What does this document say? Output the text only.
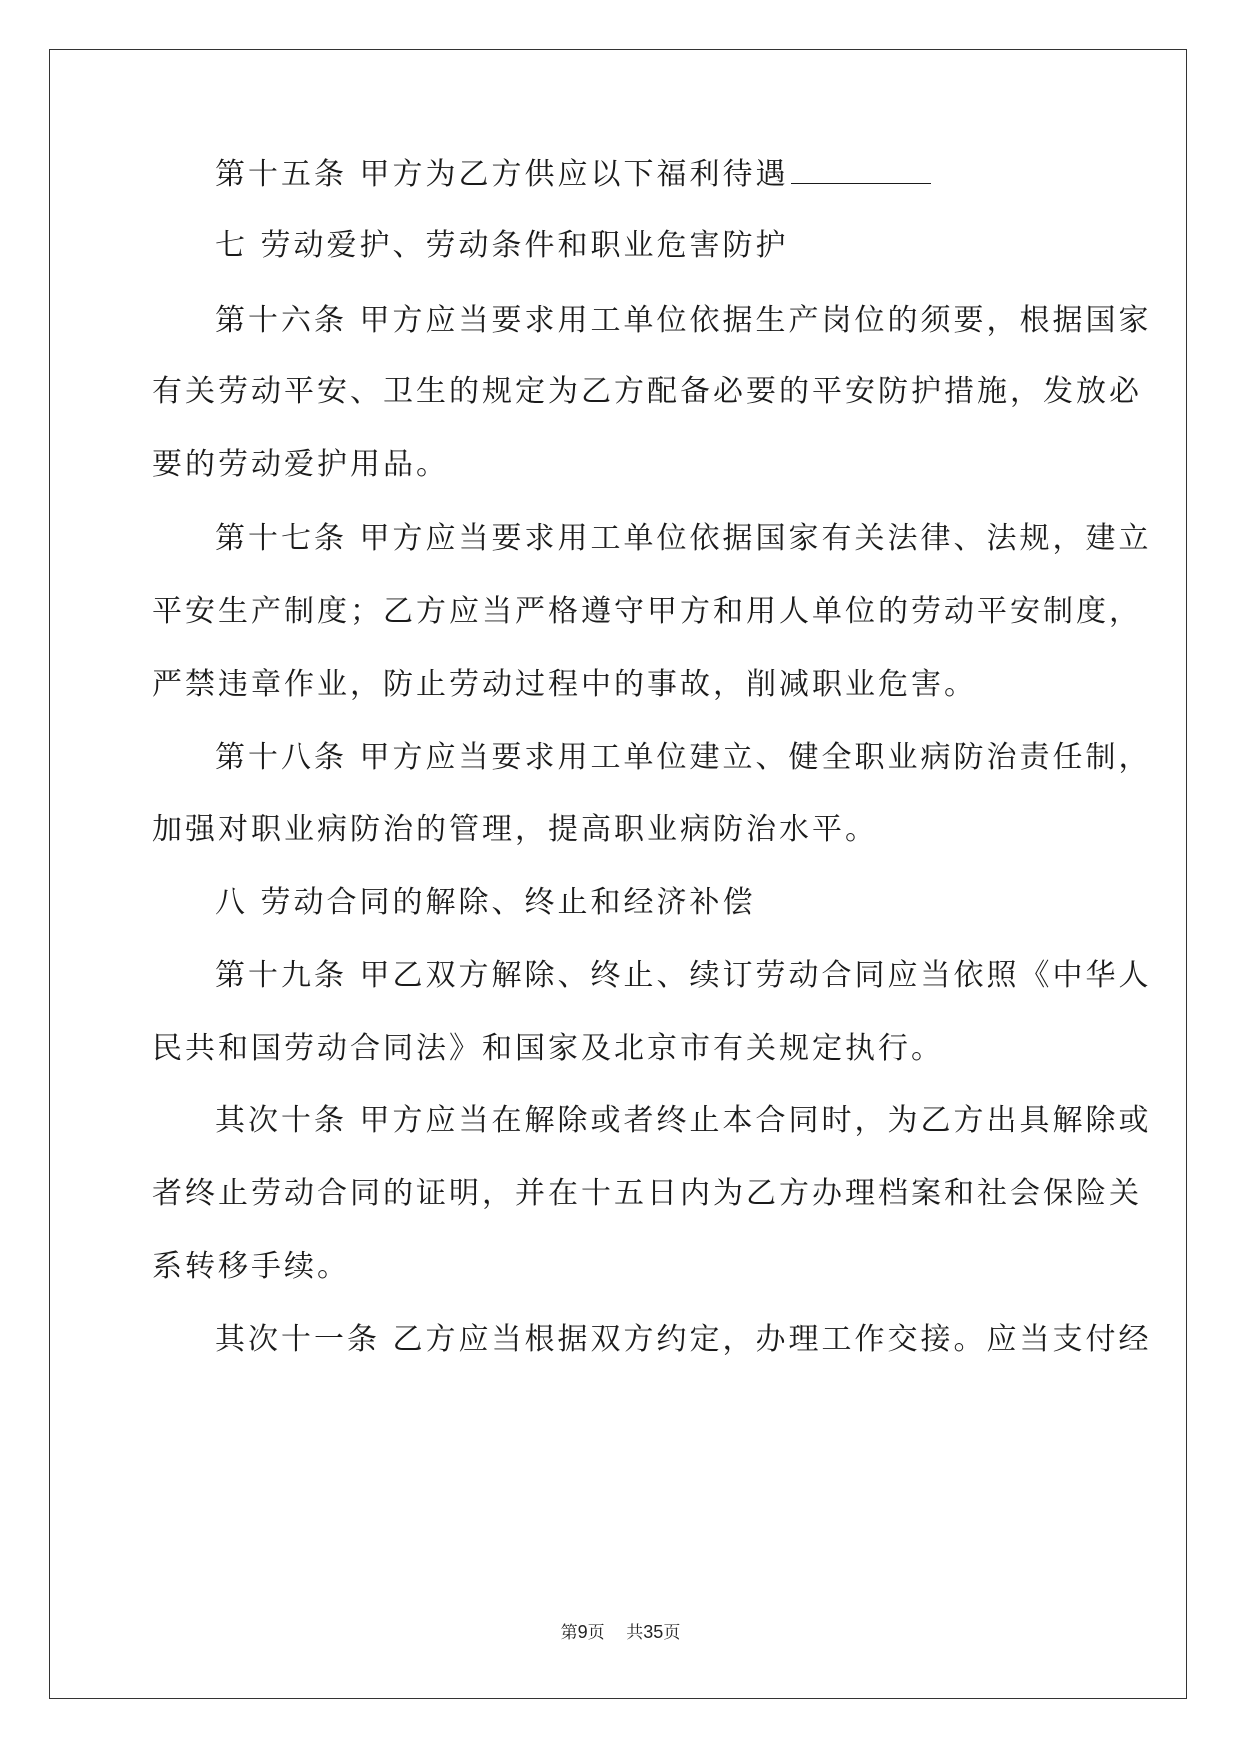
第十五条 甲方为乙方供应以下福利待遇
七 劳动爱护、劳动条件和职业危害防护
第十六条 甲方应当要求用工单位依据生产岗位的须要，根据国家
有关劳动平安、卫生的规定为乙方配备必要的平安防护措施，发放必
要的劳动爱护用品。
第十七条 甲方应当要求用工单位依据国家有关法律、法规，建立
平安生产制度；乙方应当严格遵守甲方和用人单位的劳动平安制度，
严禁违章作业，防止劳动过程中的事故，削减职业危害。
第十八条 甲方应当要求用工单位建立、健全职业病防治责任制，
加强对职业病防治的管理，提高职业病防治水平。
八 劳动合同的解除、终止和经济补偿
第十九条 甲乙双方解除、终止、续订劳动合同应当依照《中华人
民共和国劳动合同法》和国家及北京市有关规定执行。
其次十条 甲方应当在解除或者终止本合同时，为乙方出具解除或
者终止劳动合同的证明，并在十五日内为乙方办理档案和社会保险关
系转移手续。
其次十一条 乙方应当根据双方约定，办理工作交接。应当支付经
第9页 共35页
